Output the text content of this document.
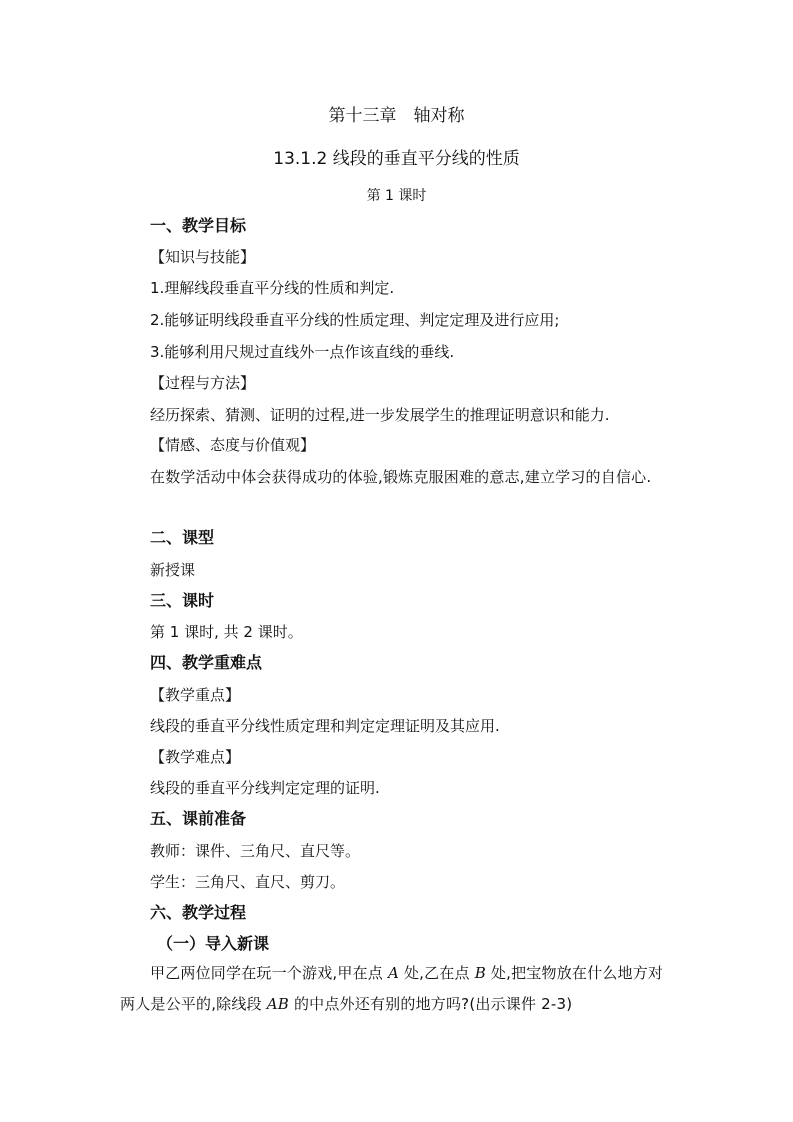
第十三章　轴对称
13.1.2 线段的垂直平分线的性质
第 1 课时
一、教学目标
【知识与技能】
1.理解线段垂直平分线的性质和判定.
2.能够证明线段垂直平分线的性质定理、判定定理及进行应用;
3.能够利用尺规过直线外一点作该直线的垂线.
【过程与方法】
经历探索、猜测、证明的过程,进一步发展学生的推理证明意识和能力.
【情感、态度与价值观】
在数学活动中体会获得成功的体验,锻炼克服困难的意志,建立学习的自信心.
二、课型
新授课
三、课时
第 1 课时, 共 2 课时。
四、教学重难点
【教学重点】
线段的垂直平分线性质定理和判定定理证明及其应用.
【教学难点】
线段的垂直平分线判定定理的证明.
五、课前准备
教师：课件、三角尺、直尺等。
学生：三角尺、直尺、剪刀。
六、教学过程
（一）导入新课
甲乙两位同学在玩一个游戏,甲在点 A 处,乙在点 B 处,把宝物放在什么地方对两人是公平的,除线段 AB 的中点外还有别的地方吗?(出示课件 2-3)
